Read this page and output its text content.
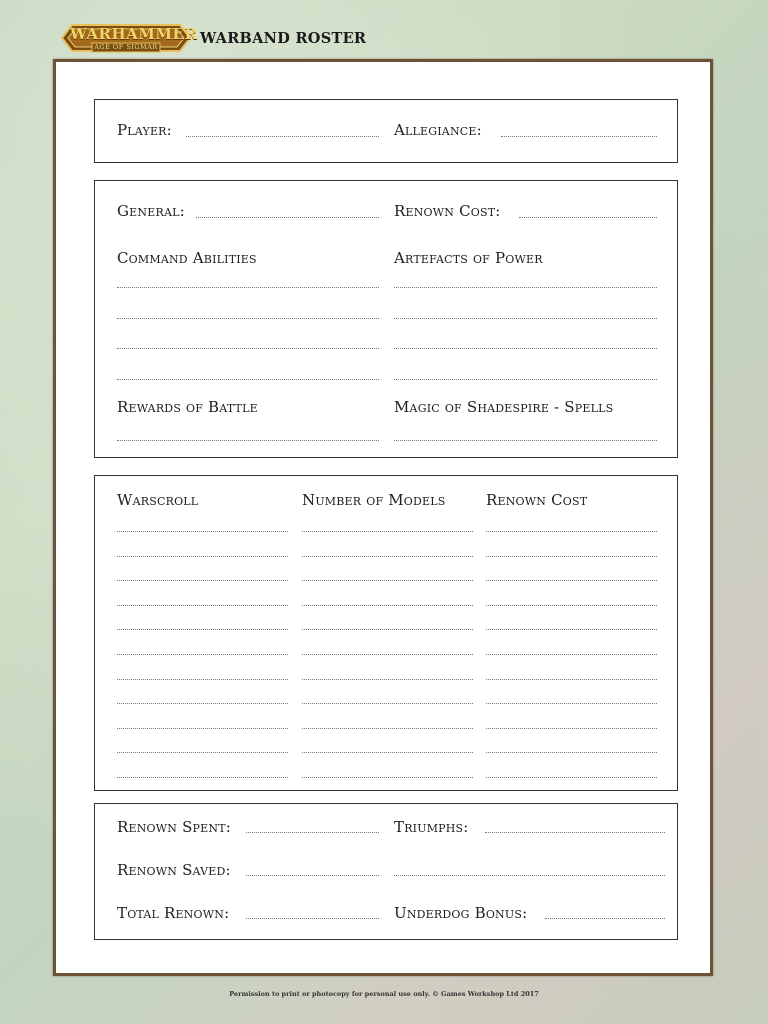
WARHAMMER
AGE OF SIGMAR
WARBAND ROSTER
Player:	Allegiance:
General:	Renown Cost:
Command Abilities	Artefacts of Power
Rewards of Battle	Magic of Shadespire - Spells
Warscroll	Number of Models	Renown Cost
Renown Spent:	Triumphs:
Renown Saved:
Total Renown:	Underdog Bonus:
Permission to print or photocopy for personal use only. © Games Workshop Ltd 2017
